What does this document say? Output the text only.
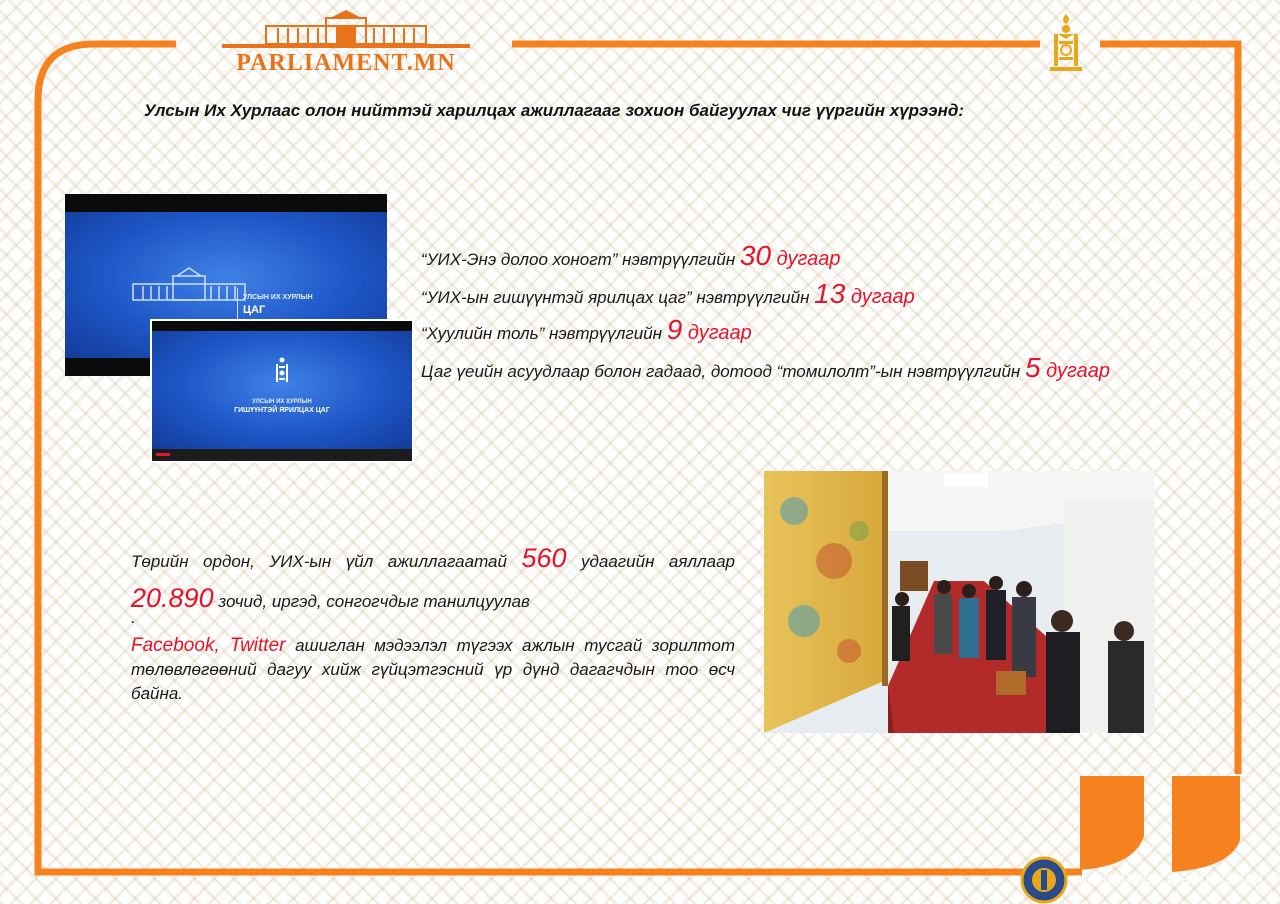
PARLIAMENT.MN
Улсын Их Хурлаас олон нийттэй харилцах ажиллагааг зохион байгуулах чиг үүргийн хүрээнд:
УЛСЫН ИХ ХУРЛЫН
ЦАГ
УЛСЫН ИХ ХУРЛЫН
ГИШҮҮНТЭЙ ЯРИЛЦАХ ЦАГ
“УИХ-Энэ долоо хоногт” нэвтрүүлгийн 30 дугаар
“УИХ-ын гишүүнтэй ярилцах цаг” нэвтрүүлгийн 13 дугаар
“Хуулийн толь” нэвтрүүлгийн 9 дугаар
Цаг үеийн асуудлаар болон гадаад, дотоод “томилолт”-ын нэвтрүүлгийн 5 дугаар
Төрийн ордон, УИХ-ын үйл ажиллагаатай 560 удаагийн аяллаар 20.890 зочид, иргэд, сонгогчдыг танилцуулав
.
Facebook, Twitter ашиглан мэдээлэл түгээх ажлын тусгай зорилтот төлөвлөгөөний дагуу хийж гүйцэтгэсний үр дүнд дагагчдын тоо өсч байна.
МОНГОЛ УЛСЫН ИХ ХУРАЛ
